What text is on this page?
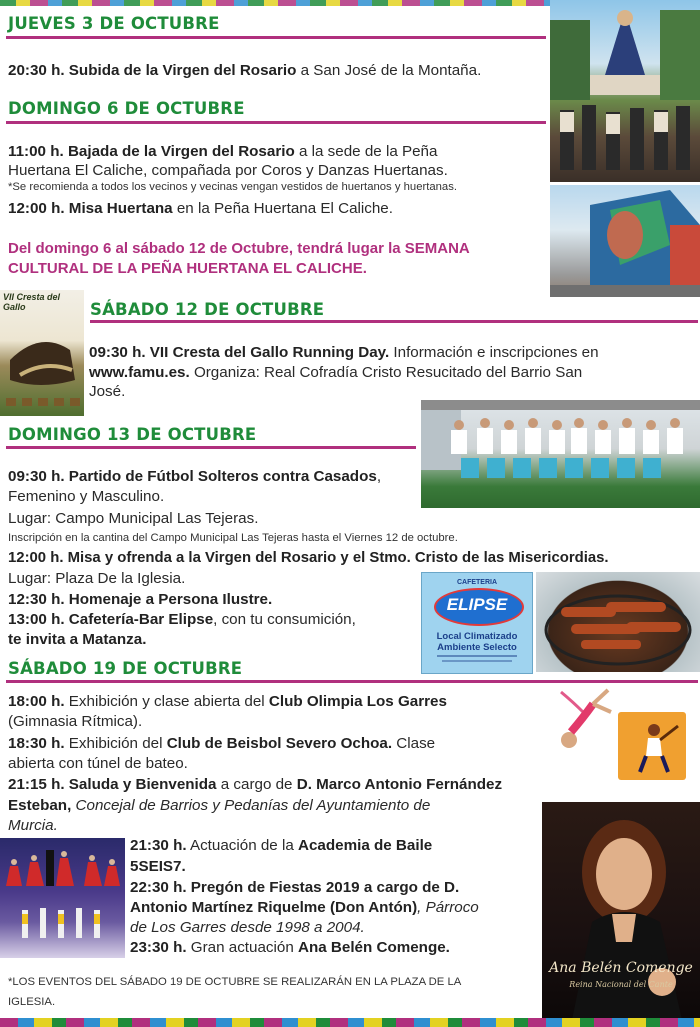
JUEVES 3 DE OCTUBRE
20:30 h. Subida de la Virgen del Rosario a San José de la Montaña.
DOMINGO 6 DE OCTUBRE
11:00 h. Bajada de la Virgen del Rosario a la sede de la Peña
Huertana El Caliche, compañada por Coros y Danzas Huertanas.
*Se recomienda a todos los vecinos y vecinas vengan vestidos de huertanos y huertanas.
12:00 h. Misa Huertana en la Peña Huertana El Caliche.
Del domingo 6 al sábado 12 de Octubre, tendrá lugar la SEMANA
CULTURAL DE LA PEÑA HUERTANA EL CALICHE.
VII Cresta del Gallo	SÁBADO 12 DE OCTUBRE
09:30 h. VII Cresta del Gallo Running Day. Información e inscripciones en
www.famu.es. Organiza: Real Cofradía Cristo Resucitado del Barrio San
José.
DOMINGO 13 DE OCTUBRE
09:30 h. Partido de Fútbol Solteros contra Casados,
Femenino y Masculino.
Lugar: Campo Municipal Las Tejeras.
Inscripción en la cantina del Campo Municipal Las Tejeras hasta el Viernes 12 de octubre.
12:00 h. Misa y ofrenda a la Virgen del Rosario y el Stmo. Cristo de las Misericordias.
Lugar: Plaza De la Iglesia.
12:30 h. Homenaje a Persona Ilustre.
13:00 h. Cafetería-Bar Elipse, con tu consumición,
te invita a Matanza.
CAFETERIA
ELIPSE
Local Climatizado
Ambiente Selecto
SÁBADO 19 DE OCTUBRE
18:00 h. Exhibición y clase abierta del Club Olimpia Los Garres
(Gimnasia Rítmica).
18:30 h. Exhibición del Club de Beisbol Severo Ochoa. Clase
abierta con túnel de bateo.
21:15 h. Saluda y Bienvenida a cargo de D. Marco Antonio Fernández
Esteban, Concejal de Barrios y Pedanías del Ayuntamiento de
Murcia.
21:30 h. Actuación de la Academia de Baile
5SEIS7.
22:30 h. Pregón de Fiestas 2019 a cargo de D.
Antonio Martínez Riquelme (Don Antón), Párroco
de Los Garres desde 1998 a 2004.
23:30 h. Gran actuación Ana Belén Comenge.
Ana Belén Comenge
Reina Nacional del Cante
*LOS EVENTOS DEL SÁBADO 19 DE OCTUBRE SE REALIZARÁN EN LA PLAZA DE LA
IGLESIA.
